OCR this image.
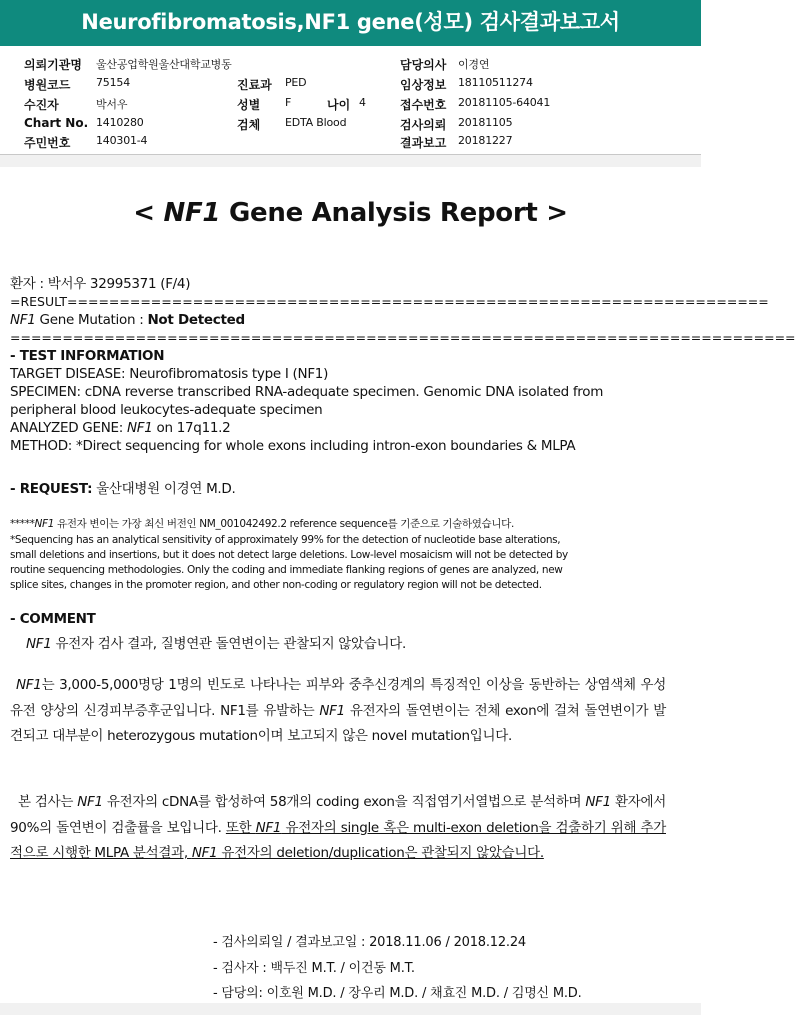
Neurofibromatosis,NF1 gene(성모) 검사결과보고서
의뢰기관명 울산공업학원울산대학교병동
병원코드 75154
수진자	박서우
Chart No. 1410280
주민번호 140301-4
진료과 PED
성별 F	나이 4
검체 EDTA Blood
담당의사 이경연
임상정보 18110511274
접수번호 20181105-64041
검사의뢰 20181105
결과보고 20181227
< NF1 Gene Analysis Report >
환자 : 박서우 32995371 (F/4)
=RESULT===================================================================
NF1 Gene Mutation : Not Detected
===========================================================================
- TEST INFORMATION
TARGET DISEASE: Neurofibromatosis type I (NF1)
SPECIMEN: cDNA reverse transcribed RNA-adequate specimen. Genomic DNA isolated from
peripheral blood leukocytes-adequate specimen
ANALYZED GENE: NF1 on 17q11.2
METHOD: *Direct sequencing for whole exons including intron-exon boundaries & MLPA
- REQUEST: 울산대병원 이경연 M.D.
*****NF1 유전자 변이는 가장 최신 버전인 NM_001042492.2 reference sequence를 기준으로 기술하였습니다.
*Sequencing has an analytical sensitivity of approximately 99% for the detection of nucleotide base alterations,
small deletions and insertions, but it does not detect large deletions. Low-level mosaicism will not be detected by
routine sequencing methodologies. Only the coding and immediate flanking regions of genes are analyzed, new
splice sites, changes in the promoter region, and other non-coding or regulatory region will not be detected.
- COMMENT
NF1 유전자 검사 결과, 질병연관 돌연변이는 관찰되지 않았습니다.
NF1는 3,000-5,000명당 1명의 빈도로 나타나는 피부와 중추신경계의 특징적인 이상을 동반하는 상염색체 우성유전 양상의 신경피부증후군입니다. NF1를 유발하는 NF1 유전자의 돌연변이는 전체 exon에 걸쳐 돌연변이가 발견되고 대부분이 heterozygous mutation이며 보고되지 않은 novel mutation입니다.
본 검사는 NF1 유전자의 cDNA를 합성하여 58개의 coding exon을 직접염기서열법으로 분석하며 NF1 환자에서 90%의 돌연변이 검출률을 보입니다. 또한 NF1 유전자의 single 혹은 multi-exon deletion을 검출하기 위해 추가적으로 시행한 MLPA 분석결과, NF1 유전자의 deletion/duplication은 관찰되지 않았습니다.
- 검사의뢰일 / 결과보고일 : 2018.11.06 / 2018.12.24
- 검사자 : 백두진 M.T. / 이건동 M.T.
- 담당의: 이호원 M.D. / 장우리 M.D. / 채효진 M.D. / 김명신 M.D.
